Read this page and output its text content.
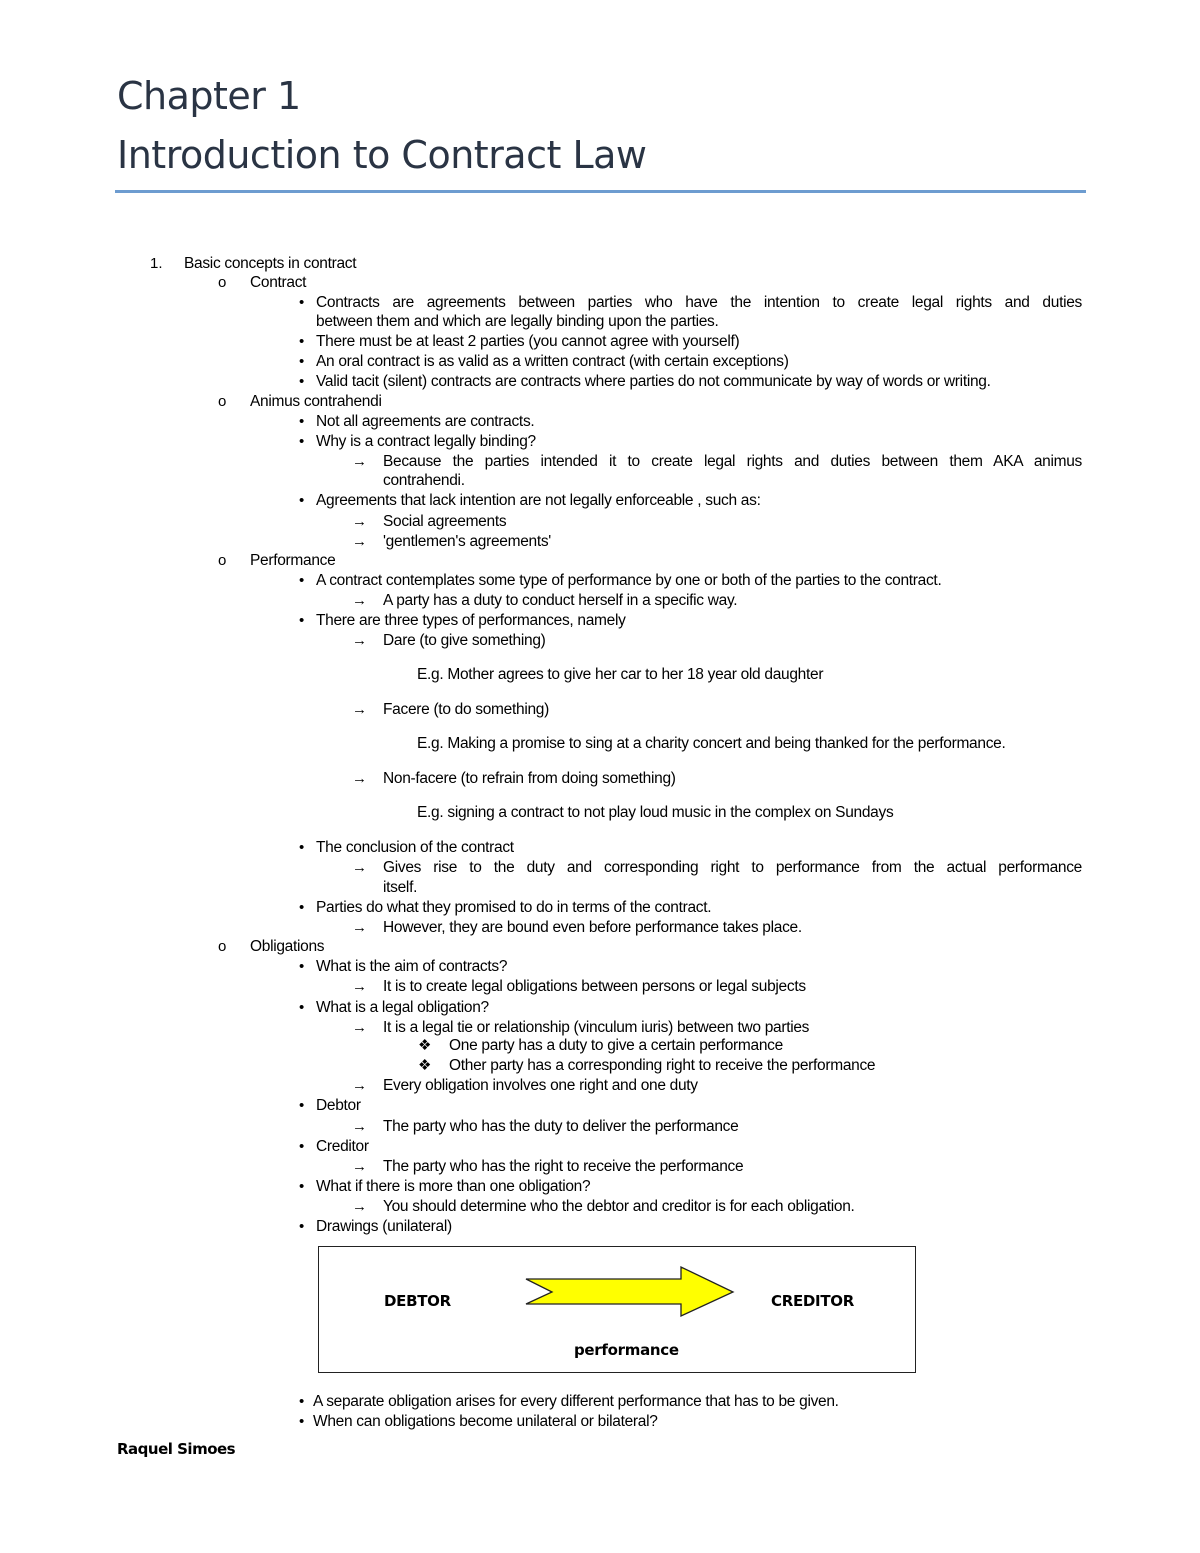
Chapter 1
Introduction to Contract Law
1. Basic concepts in contract
o Contract
• Contracts are agreements between parties who have the intention to create legal rights and duties
between them and which are legally binding upon the parties.
• There must be at least 2 parties (you cannot agree with yourself)
• An oral contract is as valid as a written contract (with certain exceptions)
• Valid tacit (silent) contracts are contracts where parties do not communicate by way of words or writing.
o Animus contrahendi
• Not all agreements are contracts.
• Why is a contract legally binding?
→ Because the parties intended it to create legal rights and duties between them AKA animus
contrahendi.
• Agreements that lack intention are not legally enforceable , such as:
→ Social agreements
→ 'gentlemen's agreements'
o Performance
• A contract contemplates some type of performance by one or both of the parties to the contract.
→ A party has a duty to conduct herself in a specific way.
• There are three types of performances, namely
→ Dare (to give something)
E.g. Mother agrees to give her car to her 18 year old daughter
→ Facere (to do something)
E.g. Making a promise to sing at a charity concert and being thanked for the performance.
→ Non-facere (to refrain from doing something)
E.g. signing a contract to not play loud music in the complex on Sundays
• The conclusion of the contract
→ Gives rise to the duty and corresponding right to performance from the actual performance
itself.
• Parties do what they promised to do in terms of the contract.
→ However, they are bound even before performance takes place.
o Obligations
• What is the aim of contracts?
→ It is to create legal obligations between persons or legal subjects
• What is a legal obligation?
→ It is a legal tie or relationship (vinculum iuris) between two parties
❖ One party has a duty to give a certain performance
❖ Other party has a corresponding right to receive the performance
→ Every obligation involves one right and one duty
• Debtor
→ The party who has the duty to deliver the performance
• Creditor
→ The party who has the right to receive the performance
• What if there is more than one obligation?
→ You should determine who the debtor and creditor is for each obligation.
• Drawings (unilateral)
DEBTOR	CREDITOR
performance
• A separate obligation arises for every different performance that has to be given.
• When can obligations become unilateral or bilateral?
Raquel Simoes
